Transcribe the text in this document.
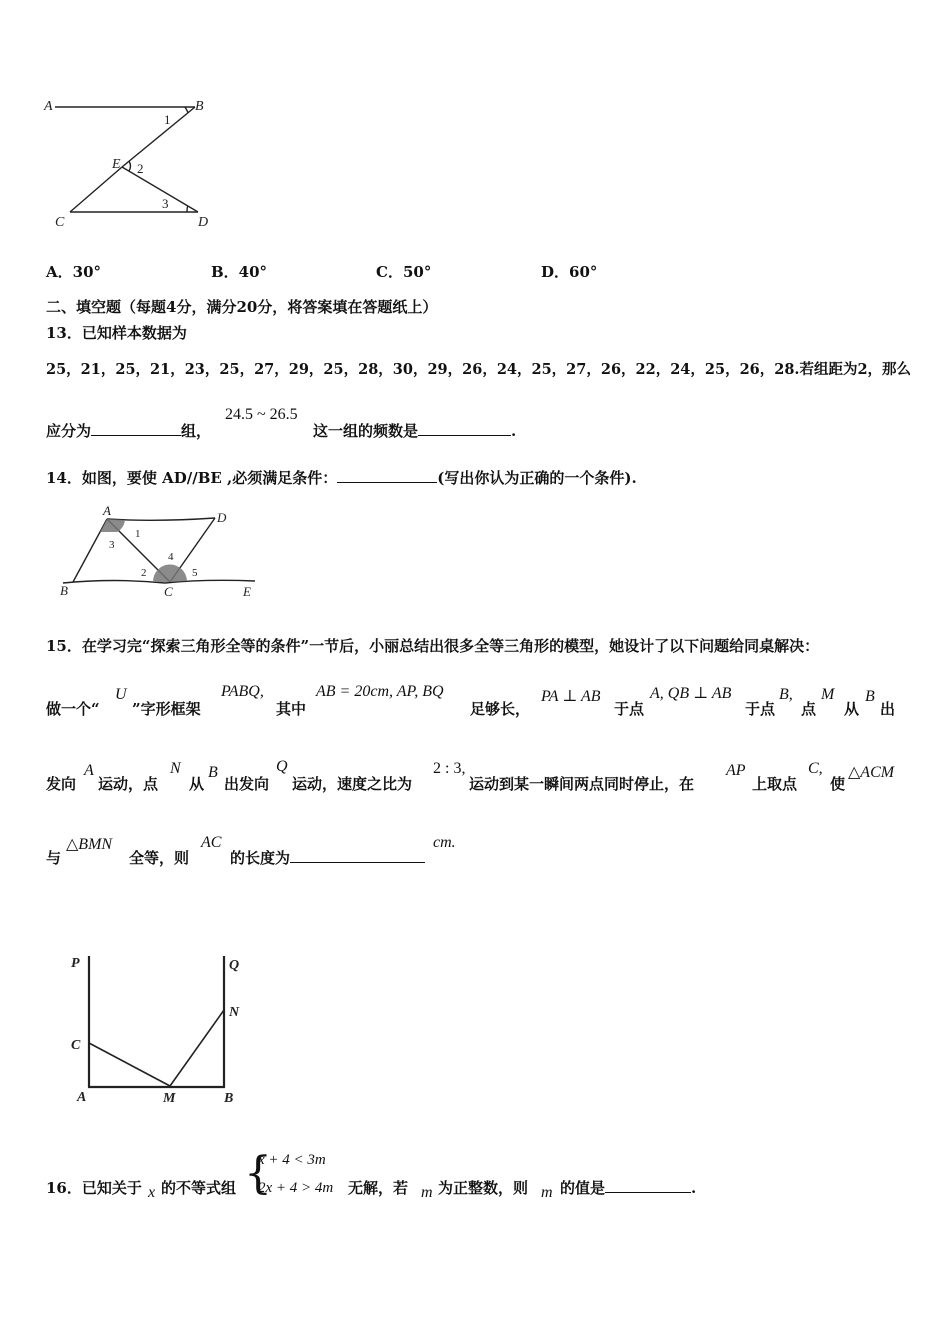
A	B
E
C	D
1
2
3
A．30°	B．40°	C．50°	D．60°
二、填空题（每题4分，满分20分，将答案填在答题纸上）
13．已知样本数据为
25，21，25，21，23，25，27，29，25，28，30，29，26，24，25，27，26，22，24，25，26，28.若组距为2，那么
应分为	组，
24.5 ~ 26.5
这一组的频数是	.
14．如图，要使 AD//BE ,必须满足条件：	(写出你认为正确的一个条件).
A	D
B	C	E
1
3
4
2	5
15．在学习完“探索三角形全等的条件”一节后，小丽总结出很多全等三角形的模型，她设计了以下问题给同桌解决：
做一个“
U
”字形框架
PABQ,
其中
AB = 20cm, AP, BQ
足够长，
PA ⊥ AB
于点
A, QB ⊥ AB
于点
B,
点
M
从
B
出
发向
A
运动，点
N
从
B
出发向
Q
运动，速度之比为
2 : 3,
运动到某一瞬间两点同时停止，在
AP
上取点
C,
使
△ACM
与
△BMN
全等，则
AC
的长度为
cm.
P	Q
N
C
A	M	B
16．已知关于 x 的不等式组 {
x + 4 < 3m
2x + 4 > 4m 无解，若 m 为正整数，则 m 的值是	.
